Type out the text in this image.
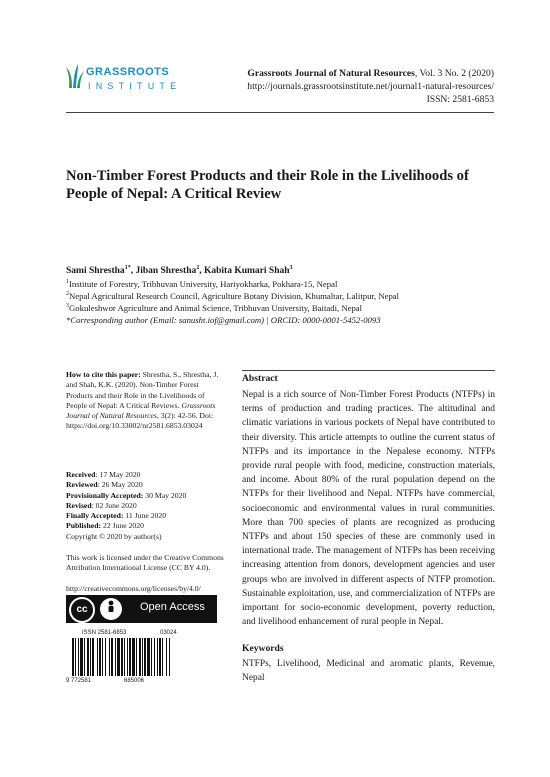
GRASSROOTS
INSTITUTE
Grassroots Journal of Natural Resources, Vol. 3 No. 2 (2020)
http://journals.grassrootsinstitute.net/journal1-natural-resources/
ISSN: 2581-6853
Non-Timber Forest Products and their Role in the Livelihoods of People of Nepal: A Critical Review
Sami Shrestha$^{1*}$, Jiban Shrestha$^2$, Kabita Kumari Shah$^3$
$^1$Institute of Forestry, Tribhuvan University, Hariyokharka, Pokhara-15, Nepal
$^2$Nepal Agricultural Research Council, Agriculture Botany Division, Khumaltar, Lalitpur, Nepal
$^3$Gokuleshwor Agriculture and Animal Science, Tribhuvan University, Baitadi, Nepal
*Corresponding author (Email: sanusht.iof@gmail.com) | ORCID: 0000-0001-5452-0093
How to cite this paper: Shrestha, S., Shrestha, J. and Shah, K.K. (2020). Non-Timber Forest Products and their Role in the Livelihoods of People of Nepal: A Critical Reviews. Grassroots Journal of Natural Resources, 3(2): 42-56. Doi: https://doi.org/10.33002/nr2581.6853.03024
Received: 17 May 2020
Reviewed: 26 May 2020
Provisionally Accepted: 30 May 2020
Revised: 02 June 2020
Finally Accepted: 11 June 2020
Published: 22 June 2020
Copyright © 2020 by author(s)
This work is licensed under the Creative Commons Attribution International License (CC BY 4.0).
http://creativecommons.org/licenses/by/4.0/
cc
BY
Open Access
ISSN 2581-6853	03024
9 772581	685006
Abstract
Nepal is a rich source of Non-Timber Forest Products (NTFPs) in terms of production and trading practices. The altitudinal and climatic variations in various pockets of Nepal have contributed to their diversity. This article attempts to outline the current status of NTFPs and its importance in the Nepalese economy. NTFPs provide rural people with food, medicine, construction materials, and income. About 80% of the rural population depend on the NTFPs for their livelihood and Nepal. NTFPs have commercial, socioeconomic and environmental values in rural communities. More than 700 species of plants are recognized as producing NTFPs and about 150 species of these are commonly used in international trade. The management of NTFPs has been receiving increasing attention from donors, development agencies and user groups who are involved in different aspects of NTFP promotion. Sustainable exploitation, use, and commercialization of NTFPs are important for socio-economic development, poverty reduction, and livelihood enhancement of rural people in Nepal.
Keywords
NTFPs, Livelihood, Medicinal and aromatic plants, Revenue, Nepal
